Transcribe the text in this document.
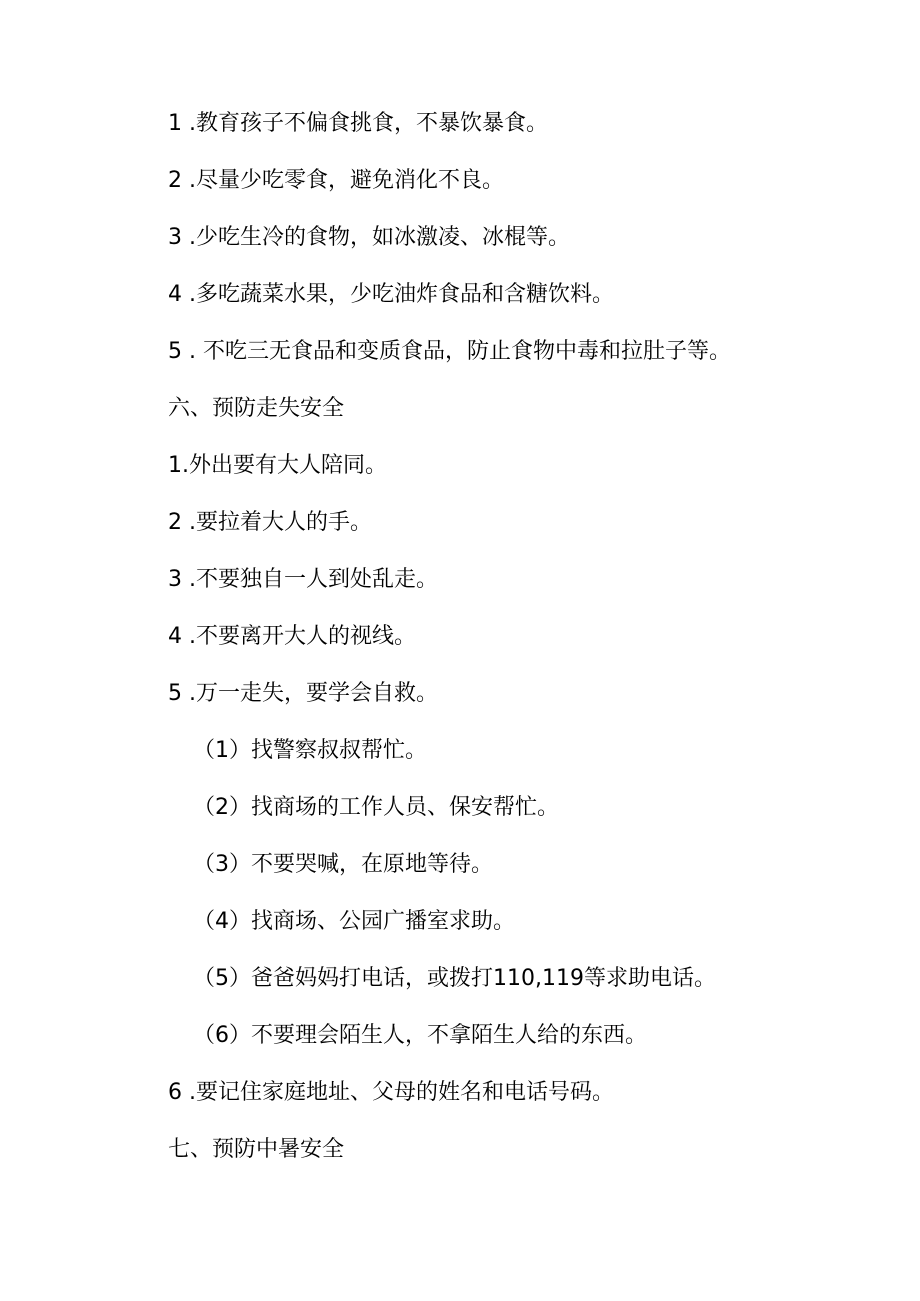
1 .教育孩子不偏食挑食，不暴饮暴食。
2 .尽量少吃零食，避免消化不良。
3 .少吃生冷的食物，如冰激凌、冰棍等。
4 .多吃蔬菜水果，少吃油炸食品和含糖饮料。
5 . 不吃三无食品和变质食品，防止食物中毒和拉肚子等。
六、预防走失安全
1.外出要有大人陪同。
2 .要拉着大人的手。
3 .不要独自一人到处乱走。
4 .不要离开大人的视线。
5 .万一走失，要学会自救。
（1）找警察叔叔帮忙。
（2）找商场的工作人员、保安帮忙。
（3）不要哭喊，在原地等待。
（4）找商场、公园广播室求助。
（5）爸爸妈妈打电话，或拨打110,119等求助电话。
（6）不要理会陌生人，不拿陌生人给的东西。
6 .要记住家庭地址、父母的姓名和电话号码。
七、预防中暑安全
